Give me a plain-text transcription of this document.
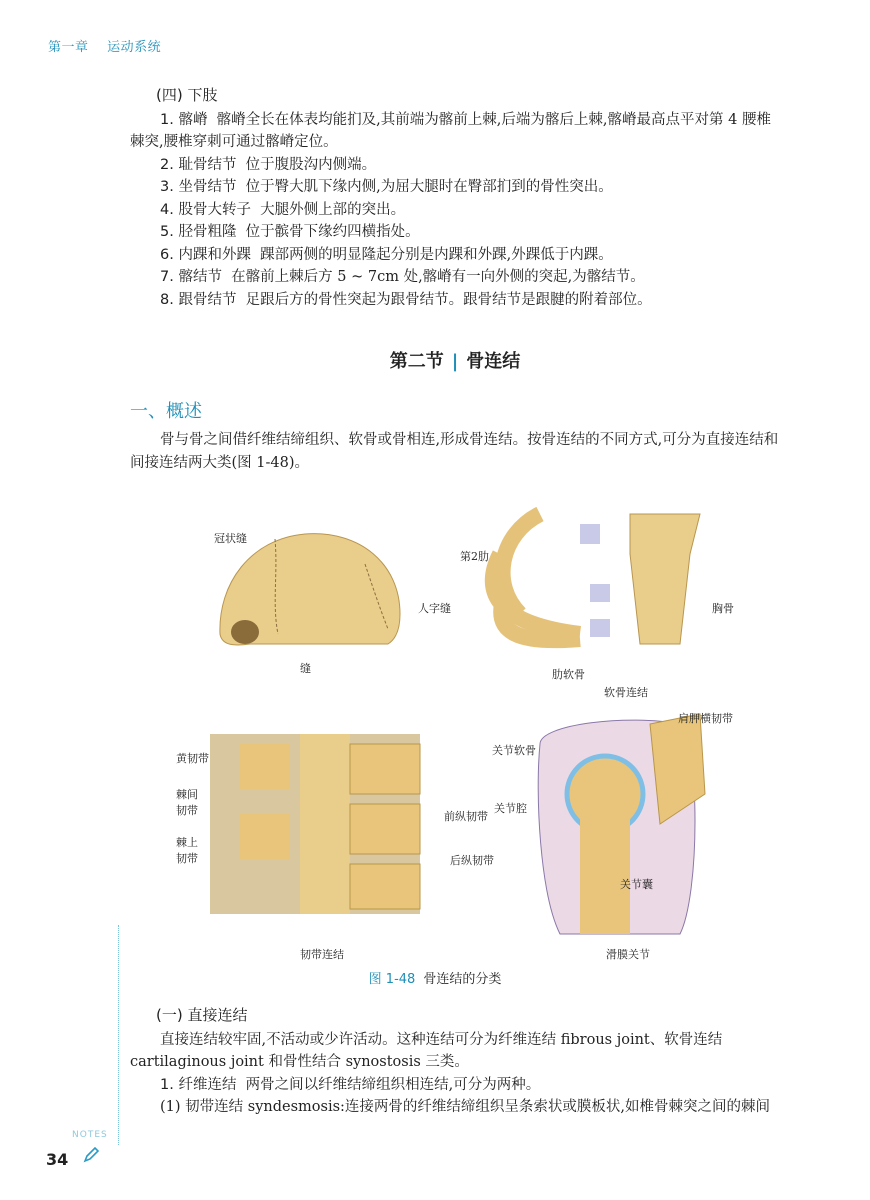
第一章 运动系统

(四) 下肢

1. 髂嵴 髂嵴全长在体表均能扪及,其前端为髂前上棘,后端为髂后上棘,髂嵴最高点平对第 4 腰椎棘突,腰椎穿刺可通过髂嵴定位。

2. 耻骨结节 位于腹股沟内侧端。

3. 坐骨结节 位于臀大肌下缘内侧,为屈大腿时在臀部扪到的骨性突出。

4. 股骨大转子 大腿外侧上部的突出。

5. 胫骨粗隆 位于髌骨下缘约四横指处。

6. 内踝和外踝 踝部两侧的明显隆起分别是内踝和外踝,外踝低于内踝。

7. 髂结节 在髂前上棘后方 5 ~ 7cm 处,髂嵴有一向外侧的突起,为髂结节。

8. 跟骨结节 足跟后方的骨性突起为跟骨结节。跟骨结节是跟腱的附着部位。

第二节 | 骨连结
一、概述

骨与骨之间借纤维结缔组织、软骨或骨相连,形成骨连结。按骨连结的不同方式,可分为直接连结和间接连结两大类(图 1-48)。

冠状缝
人字缝
缝
第2肋
胸骨
肋软骨
软骨连结
黄韧带
棘间
韧带
棘上
韧带
前纵韧带
后纵韧带
韧带连结
肩胛横韧带
关节软骨
关节腔
关节囊
滑膜关节
图 1-48 骨连结的分类

(一) 直接连结

直接连结较牢固,不活动或少许活动。这种连结可分为纤维连结 fibrous joint、软骨连结 cartilaginous joint 和骨性结合 synostosis 三类。

1. 纤维连结 两骨之间以纤维结缔组织相连结,可分为两种。

(1) 韧带连结 syndesmosis:连接两骨的纤维结缔组织呈条索状或膜板状,如椎骨棘突之间的棘间

NOTES
34
